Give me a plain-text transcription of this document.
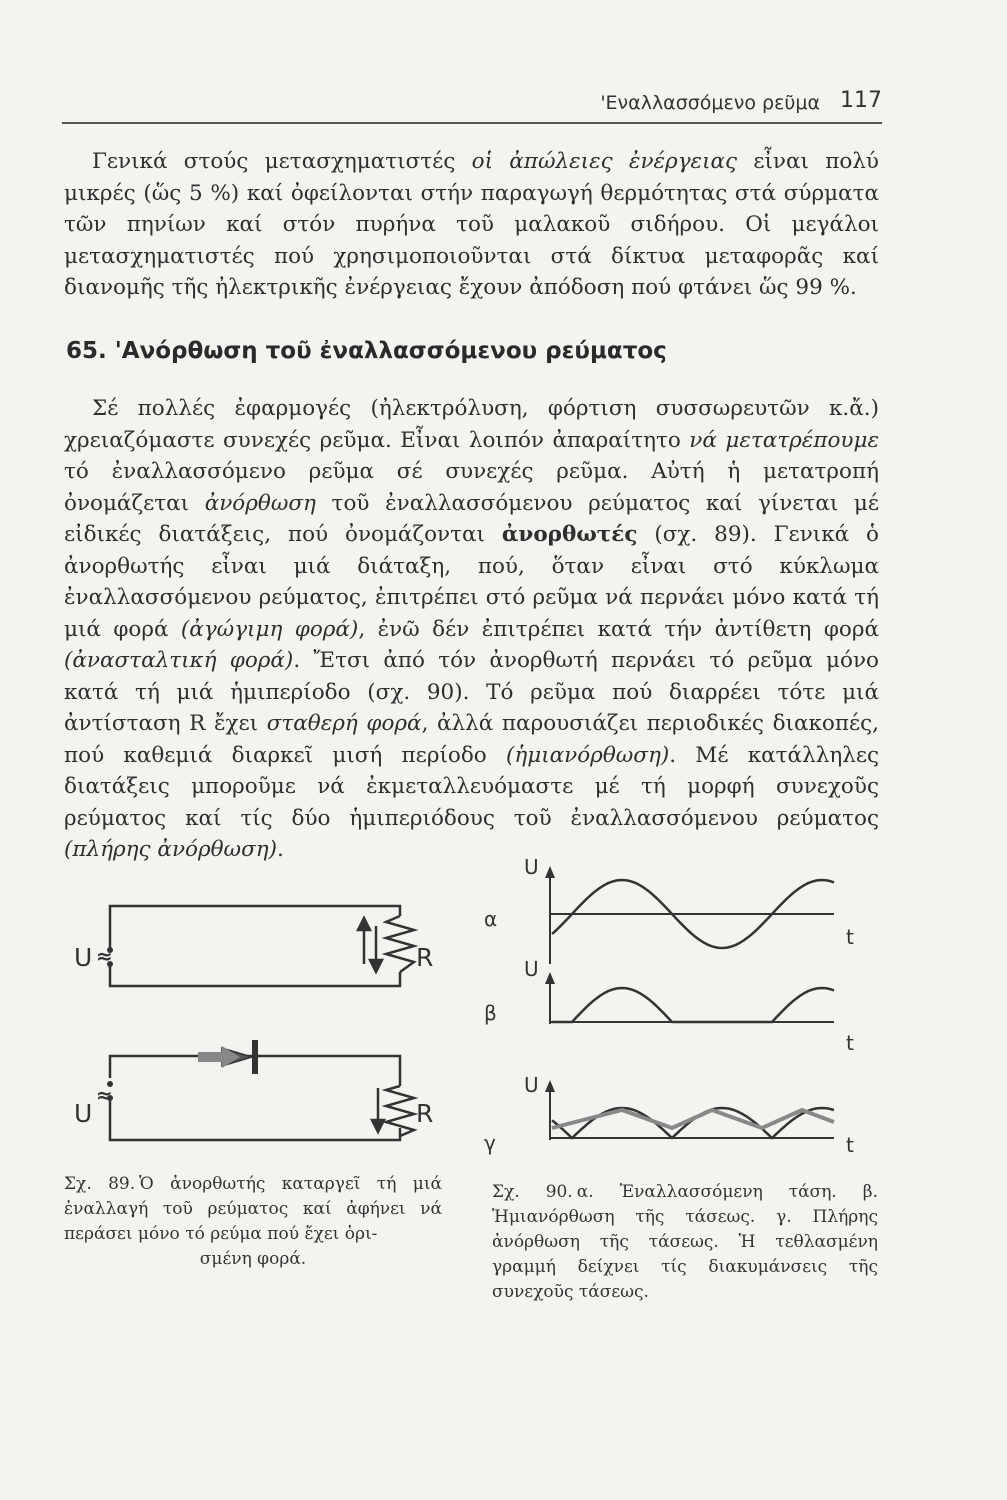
'Εναλλασσόμενο ρεῦμα 117

Γενικά στούς μετασχηματιστές οἱ ἀπώλειες ἐνέργειας εἶναι πολύ μικρές (ὥς 5 %) καί ὀφείλονται στήν παραγωγή θερμότητας στά σύρματα τῶν πηνίων καί στόν πυρήνα τοῦ μαλακοῦ σιδήρου. Οἱ μεγάλοι μετασχηματιστές πού χρησιμοποιοῦνται στά δίκτυα μεταφορᾶς καί διανομῆς τῆς ἠλεκτρικῆς ἐνέργειας ἔχουν ἀπόδοση πού φτάνει ὥς 99 %.

65. 'Ανόρθωση τοῦ ἐναλλασσόμενου ρεύματος

Σέ πολλές ἐφαρμογές (ἠλεκτρόλυση, φόρτιση συσσωρευτῶν κ.ἄ.) χρειαζόμαστε συνεχές ρεῦμα. Εἶναι λοιπόν ἀπαραίτητο νά μετατρέπουμε τό ἐναλλασσόμενο ρεῦμα σέ συνεχές ρεῦμα. Αὐτή ἡ μετατροπή ὀνομάζεται ἀνόρθωση τοῦ ἐναλλασσόμενου ρεύματος καί γίνεται μέ εἰδικές διατάξεις, πού ὀνομάζονται ἀνορθωτές (σχ. 89). Γενικά ὁ ἀνορθωτής εἶναι μιά διάταξη, πού, ὅταν εἶναι στό κύκλωμα ἐναλλασσόμενου ρεύματος, ἐπιτρέπει στό ρεῦμα νά περνάει μόνο κατά τή μιά φορά (ἀγώγιμη φορά), ἐνῶ δέν ἐπιτρέπει κατά τήν ἀντίθετη φορά (ἀνασταλτική φορά). Ἔτσι ἀπό τόν ἀνορθωτή περνάει τό ρεῦμα μόνο κατά τή μιά ἡμιπερίοδο (σχ. 90). Τό ρεῦμα πού διαρρέει τότε μιά ἀντίσταση R ἔχει σταθερή φορά, ἀλλά παρουσιάζει περιοδικές διακοπές, πού καθεμιά διαρκεῖ μισή περίοδο (ἡμιανόρθωση). Μέ κατάλληλες διατάξεις μποροῦμε νά ἐκμεταλλευόμαστε μέ τή μορφή συνεχοῦς ρεύματος καί τίς δύο ἡμιπεριόδους τοῦ ἐναλλασσόμενου ρεύματος (πλήρης ἀνόρθωση).

U ≈	R
U
≈
R
U
U
U
t
t
t
α
β
γ
Σχ. 89. Ὁ ἀνορθωτής καταργεῖ τή μιά ἐναλλαγή τοῦ ρεύματος καί ἀφήνει νά περάσει μόνο τό ρεύμα πού ἔχει ὁρι-
σμένη φορά.
Σχ. 90. α. Ἐναλλασσόμενη τάση. β. Ἡμιανόρθωση τῆς τάσεως. γ. Πλήρης ἀνόρθωση τῆς τάσεως. Ἡ τεθλασμένη γραμμή δείχνει τίς διακυμάνσεις τῆς συνεχοῦς τάσεως.
